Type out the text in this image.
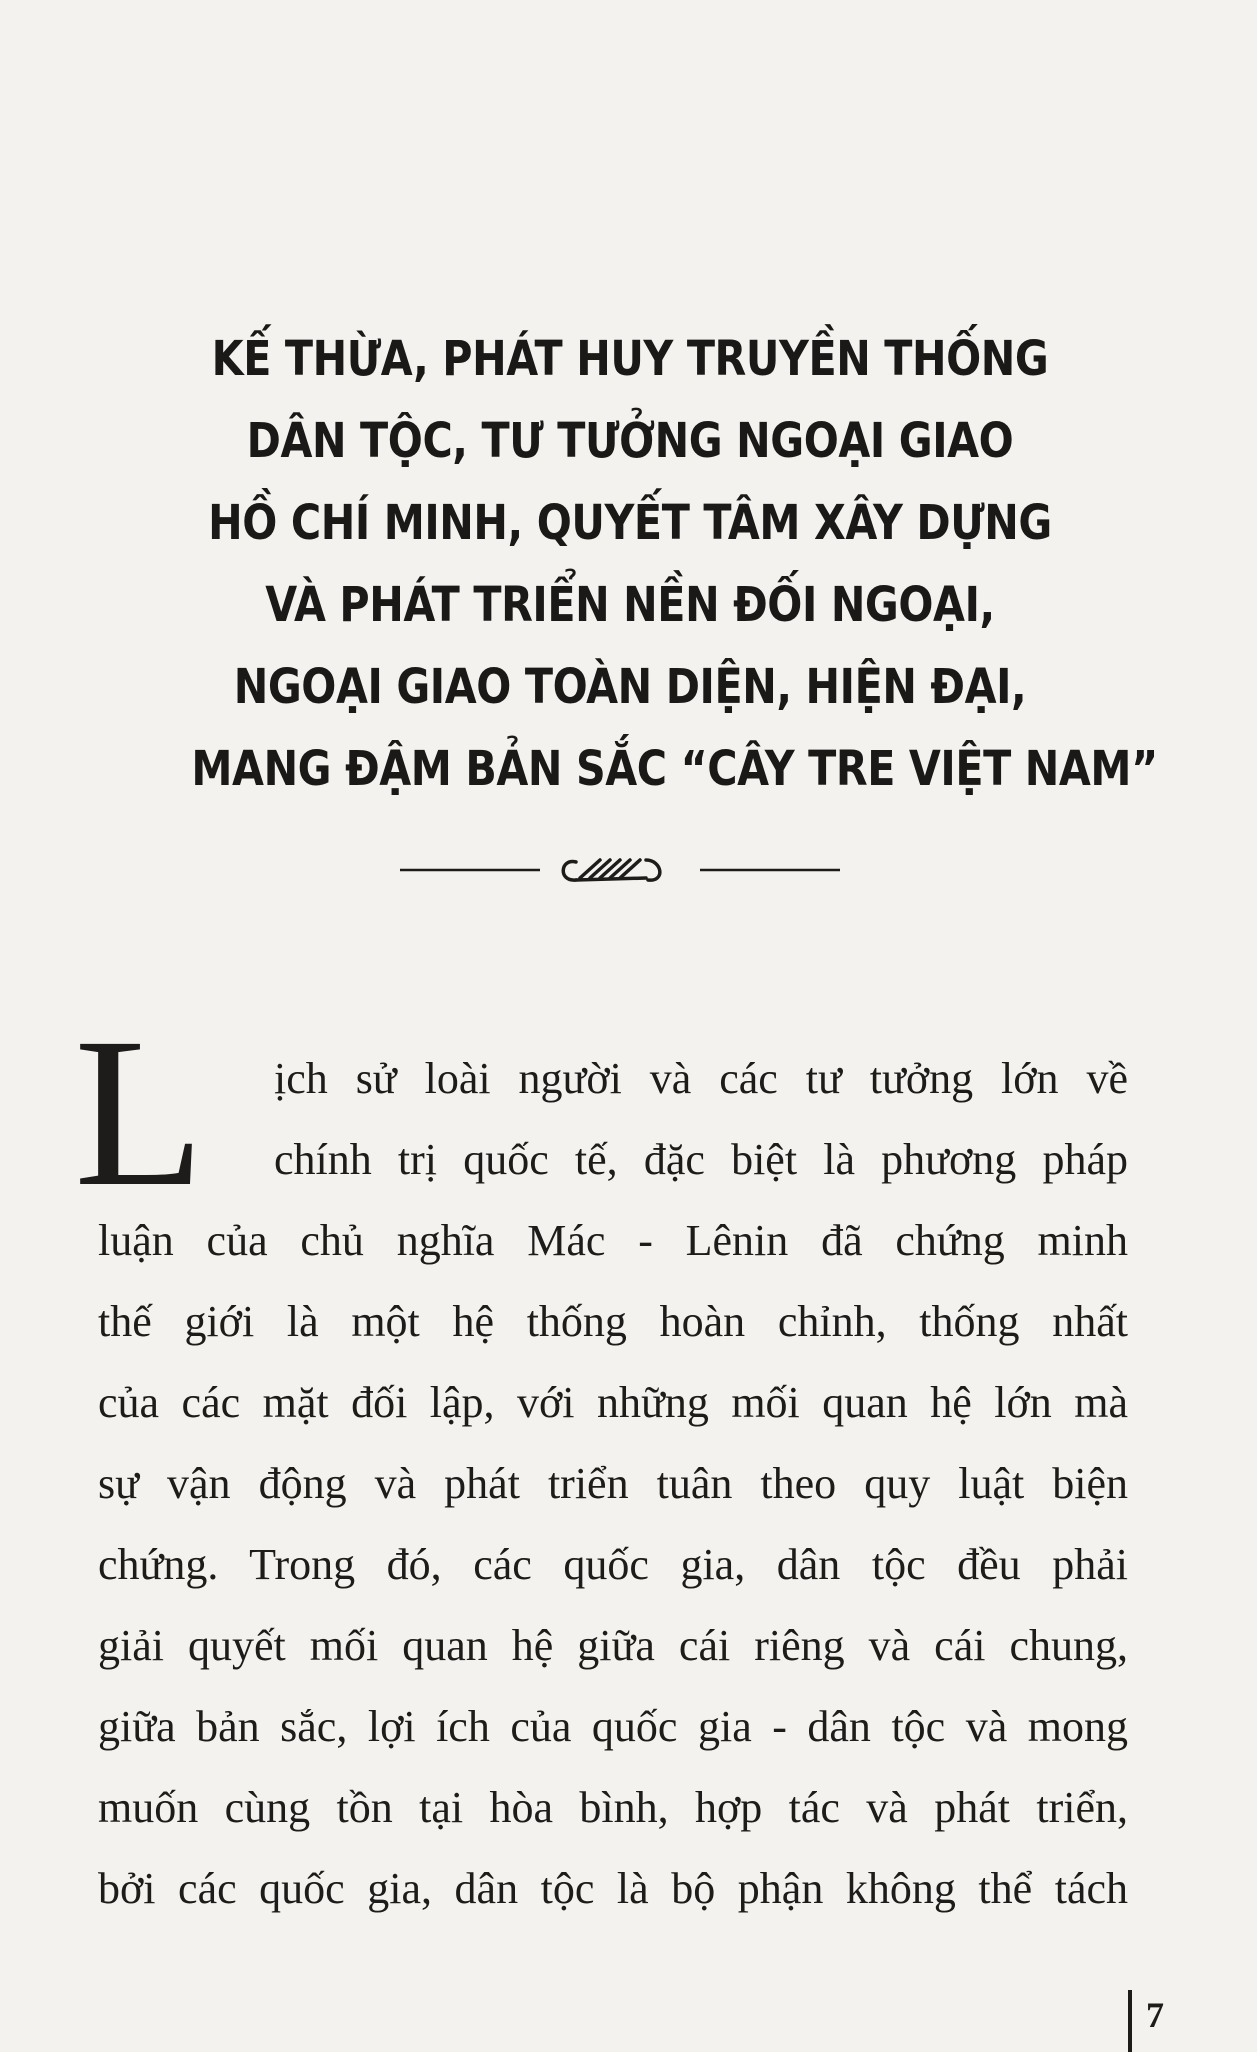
KẾ THỪA, PHÁT HUY TRUYỀN THỐNG
DÂN TỘC, TƯ TƯỞNG NGOẠI GIAO
HỒ CHÍ MINH, QUYẾT TÂM XÂY DỰNG
VÀ PHÁT TRIỂN NỀN ĐỐI NGOẠI,
NGOẠI GIAO TOÀN DIỆN, HIỆN ĐẠI,
MANG ĐẬM BẢN SẮC “CÂY TRE VIỆT NAM”
L	ịch sử loài người và các tư tưởng lớn về
chính trị quốc tế, đặc biệt là phương pháp
luận của chủ nghĩa Mác - Lênin đã chứng minh
thế giới là một hệ thống hoàn chỉnh, thống nhất
của các mặt đối lập, với những mối quan hệ lớn mà
sự vận động và phát triển tuân theo quy luật biện
chứng. Trong đó, các quốc gia, dân tộc đều phải
giải quyết mối quan hệ giữa cái riêng và cái chung,
giữa bản sắc, lợi ích của quốc gia - dân tộc và mong
muốn cùng tồn tại hòa bình, hợp tác và phát triển,
bởi các quốc gia, dân tộc là bộ phận không thể tách
7
